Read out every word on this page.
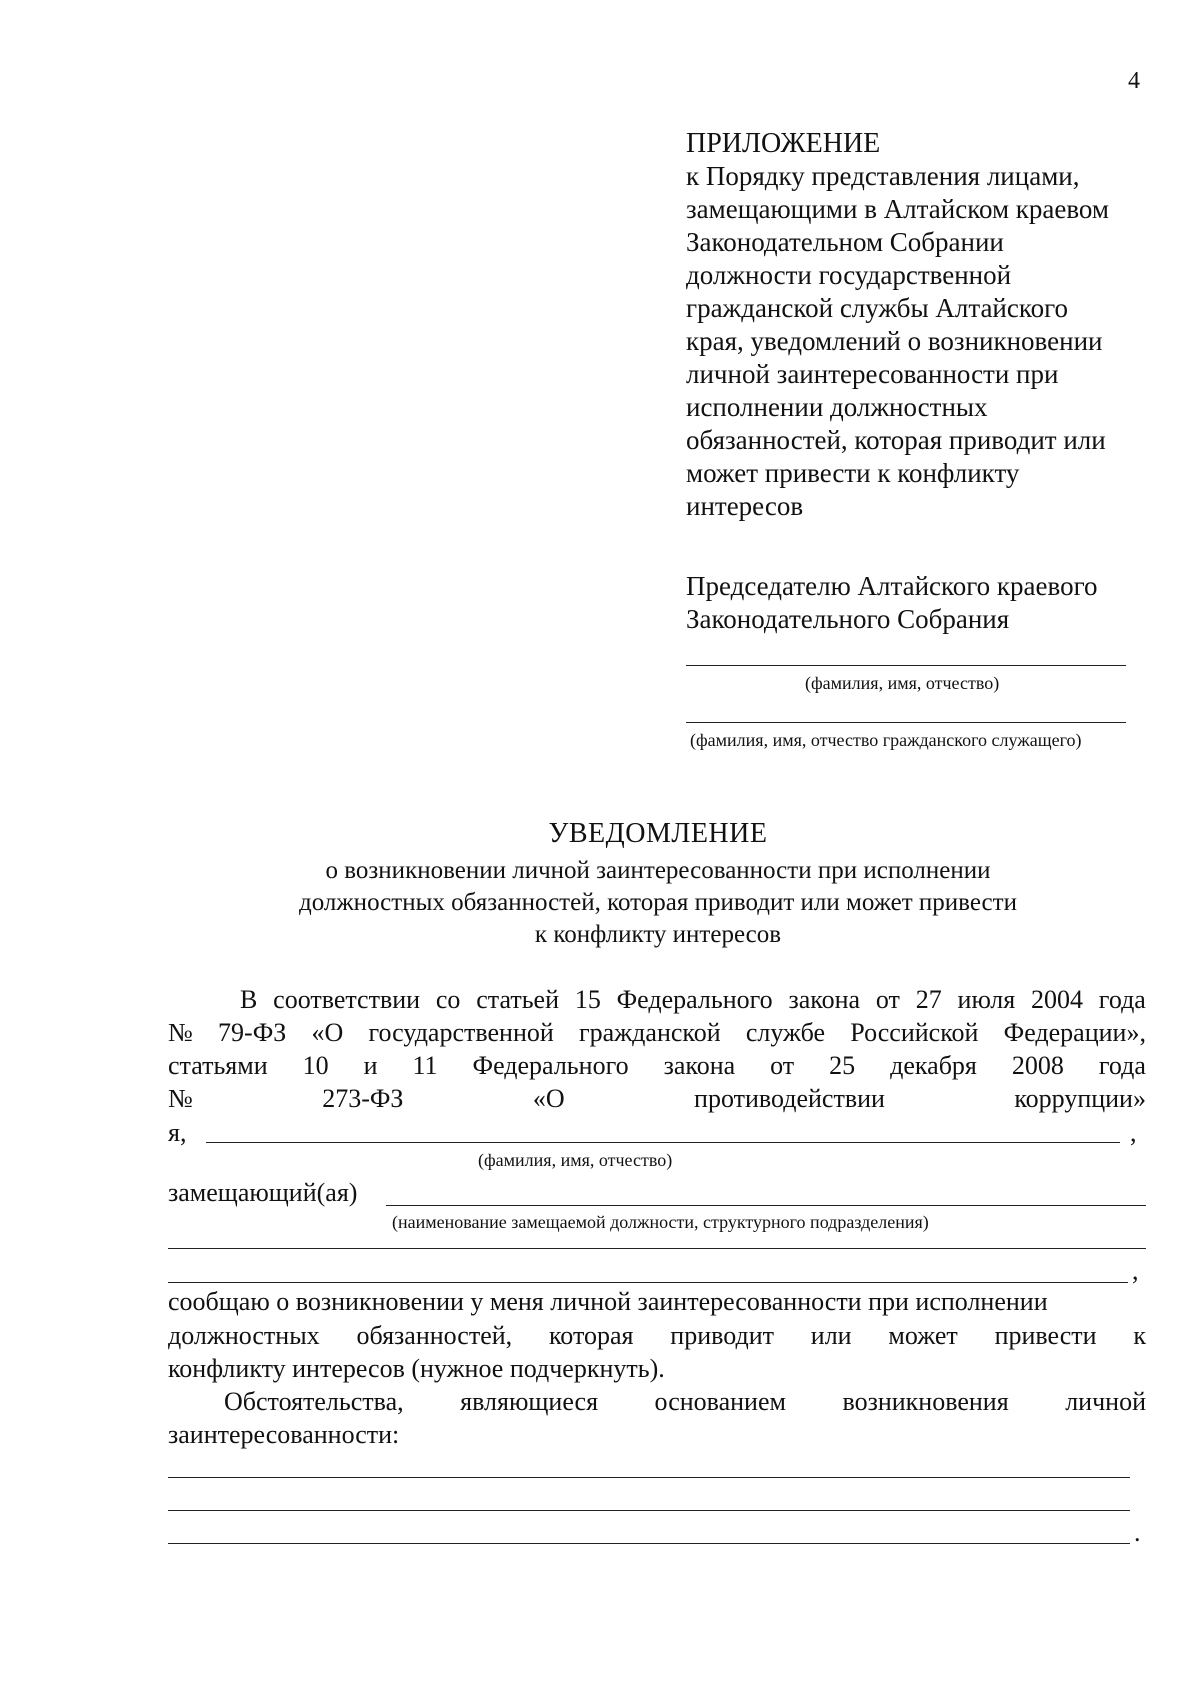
4
ПРИЛОЖЕНИЕ
к Порядку представления лицами,
замещающими в Алтайском краевом
Законодательном Собрании
должности государственной
гражданской службы Алтайского
края, уведомлений о возникновении
личной заинтересованности при
исполнении должностных
обязанностей, которая приводит или
может привести к конфликту
интересов
Председателю Алтайского краевого
Законодательного Собрания
(фамилия, имя, отчество)
(фамилия, имя, отчество гражданского служащего)
УВЕДОМЛЕНИЕ
о возникновении личной заинтересованности при исполнении
должностных обязанностей, которая приводит или может привести
к конфликту интересов
В соответствии со статьей 15 Федерального закона от 27 июля 2004 года
№ 79-ФЗ «О государственной гражданской службе Российской Федерации»,
статьями 10 и 11 Федерального закона от 25 декабря 2008 года
№	273-ФЗ	«О	противодействии	коррупции»
я,	,
(фамилия, имя, отчество)
замещающий(ая)
(наименование замещаемой должности, структурного подразделения)
,
сообщаю о возникновении у меня личной заинтересованности при исполнении
должностных обязанностей, которая приводит или может привести к
конфликту интересов (нужное подчеркнуть).
Обстоятельства, являющиеся основанием возникновения личной
заинтересованности:
.
